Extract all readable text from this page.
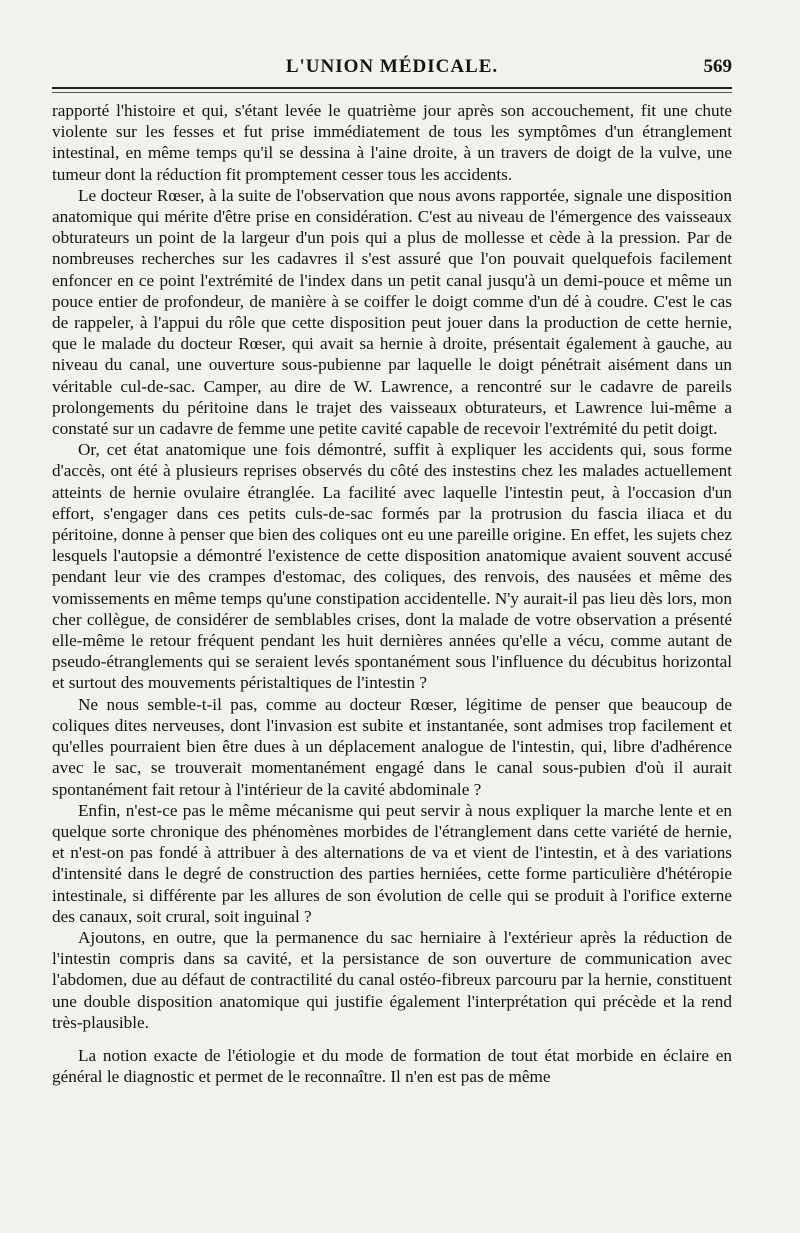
L'UNION MÉDICALE.	569

rapporté l'histoire et qui, s'étant levée le quatrième jour après son accouchement, fit une chute violente sur les fesses et fut prise immédiatement de tous les symptômes d'un étranglement intestinal, en même temps qu'il se dessina à l'aine droite, à un travers de doigt de la vulve, une tumeur dont la réduction fit promptement cesser tous les accidents.

Le docteur Rœser, à la suite de l'observation que nous avons rapportée, signale une disposition anatomique qui mérite d'être prise en considération. C'est au niveau de l'émergence des vaisseaux obturateurs un point de la largeur d'un pois qui a plus de mollesse et cède à la pression. Par de nombreuses recherches sur les cadavres il s'est assuré que l'on pouvait quelquefois facilement enfoncer en ce point l'extrémité de l'index dans un petit canal jusqu'à un demi-pouce et même un pouce entier de profondeur, de manière à se coiffer le doigt comme d'un dé à coudre. C'est le cas de rappeler, à l'appui du rôle que cette disposition peut jouer dans la production de cette hernie, que le malade du docteur Rœser, qui avait sa hernie à droite, présentait également à gauche, au niveau du canal, une ouverture sous-pubienne par laquelle le doigt pénétrait aisément dans un véritable cul-de-sac. Camper, au dire de W. Lawrence, a rencontré sur le cadavre de pareils prolongements du péritoine dans le trajet des vaisseaux obturateurs, et Lawrence lui-même a constaté sur un cadavre de femme une petite cavité capable de recevoir l'extrémité du petit doigt.

Or, cet état anatomique une fois démontré, suffit à expliquer les accidents qui, sous forme d'accès, ont été à plusieurs reprises observés du côté des instestins chez les malades actuellement atteints de hernie ovulaire étranglée. La facilité avec laquelle l'intestin peut, à l'occasion d'un effort, s'engager dans ces petits culs-de-sac formés par la protrusion du fascia iliaca et du péritoine, donne à penser que bien des coliques ont eu une pareille origine. En effet, les sujets chez lesquels l'autopsie a démontré l'existence de cette disposition anatomique avaient souvent accusé pendant leur vie des crampes d'estomac, des coliques, des renvois, des nausées et même des vomissements en même temps qu'une constipation accidentelle. N'y aurait-il pas lieu dès lors, mon cher collègue, de considérer de semblables crises, dont la malade de votre observation a présenté elle-même le retour fréquent pendant les huit dernières années qu'elle a vécu, comme autant de pseudo-étranglements qui se seraient levés spontanément sous l'influence du décubitus horizontal et surtout des mouvements péristaltiques de l'intestin ?

Ne nous semble-t-il pas, comme au docteur Rœser, légitime de penser que beaucoup de coliques dites nerveuses, dont l'invasion est subite et instantanée, sont admises trop facilement et qu'elles pourraient bien être dues à un déplacement analogue de l'intestin, qui, libre d'adhérence avec le sac, se trouverait momentanément engagé dans le canal sous-pubien d'où il aurait spontanément fait retour à l'intérieur de la cavité abdominale ?

Enfin, n'est-ce pas le même mécanisme qui peut servir à nous expliquer la marche lente et en quelque sorte chronique des phénomènes morbides de l'étranglement dans cette variété de hernie, et n'est-on pas fondé à attribuer à des alternations de va et vient de l'intestin, et à des variations d'intensité dans le degré de construction des parties herniées, cette forme particulière d'hétéropie intestinale, si différente par les allures de son évolution de celle qui se produit à l'orifice externe des canaux, soit crural, soit inguinal ?

Ajoutons, en outre, que la permanence du sac herniaire à l'extérieur après la réduction de l'intestin compris dans sa cavité, et la persistance de son ouverture de communication avec l'abdomen, due au défaut de contractilité du canal ostéo-fibreux parcouru par la hernie, constituent une double disposition anatomique qui justifie également l'interprétation qui précède et la rend très-plausible.

La notion exacte de l'étiologie et du mode de formation de tout état morbide en éclaire en général le diagnostic et permet de le reconnaître. Il n'en est pas de même
